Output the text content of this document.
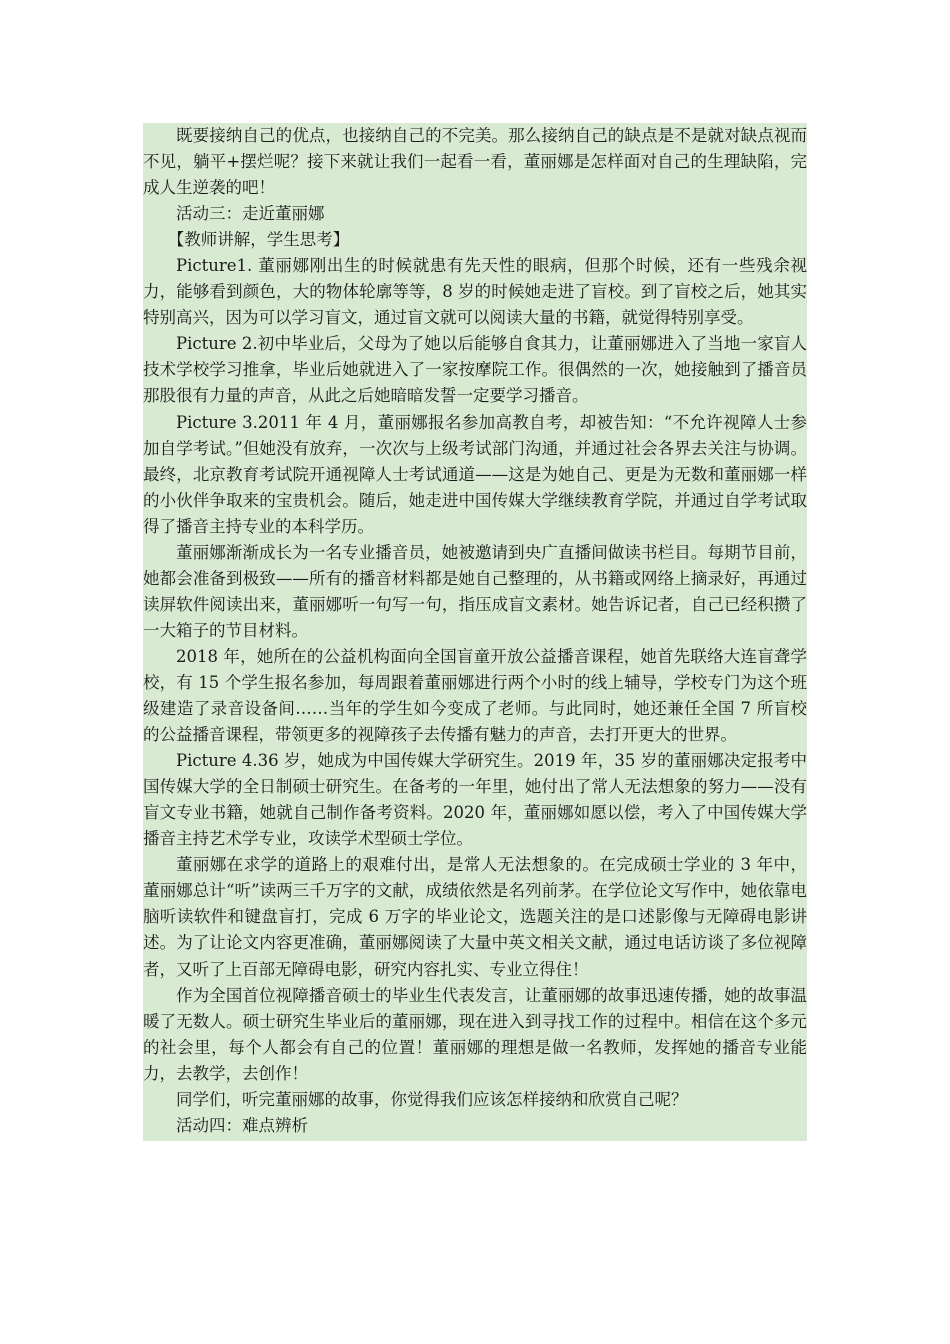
既要接纳自己的优点，也接纳自己的不完美。那么接纳自己的缺点是不是就对缺点视而不见，躺平+摆烂呢？接下来就让我们一起看一看，董丽娜是怎样面对自己的生理缺陷，完成人生逆袭的吧！

活动三：走近董丽娜

【教师讲解，学生思考】

Picture1. 董丽娜刚出生的时候就患有先天性的眼病，但那个时候，还有一些残余视力，能够看到颜色，大的物体轮廓等等，8 岁的时候她走进了盲校。到了盲校之后，她其实特别高兴，因为可以学习盲文，通过盲文就可以阅读大量的书籍，就觉得特别享受。

Picture 2.初中毕业后，父母为了她以后能够自食其力，让董丽娜进入了当地一家盲人技术学校学习推拿，毕业后她就进入了一家按摩院工作。很偶然的一次，她接触到了播音员那股很有力量的声音，从此之后她暗暗发誓一定要学习播音。

Picture 3.2011 年 4 月，董丽娜报名参加高教自考，却被告知：“不允许视障人士参加自学考试。”但她没有放弃，一次次与上级考试部门沟通，并通过社会各界去关注与协调。最终，北京教育考试院开通视障人士考试通道——这是为她自己、更是为无数和董丽娜一样的小伙伴争取来的宝贵机会。随后，她走进中国传媒大学继续教育学院，并通过自学考试取得了播音主持专业的本科学历。

董丽娜渐渐成长为一名专业播音员，她被邀请到央广直播间做读书栏目。每期节目前，她都会准备到极致——所有的播音材料都是她自己整理的，从书籍或网络上摘录好，再通过读屏软件阅读出来，董丽娜听一句写一句，指压成盲文素材。她告诉记者，自己已经积攒了一大箱子的节目材料。

2018 年，她所在的公益机构面向全国盲童开放公益播音课程，她首先联络大连盲聋学校，有 15 个学生报名参加，每周跟着董丽娜进行两个小时的线上辅导，学校专门为这个班级建造了录音设备间……当年的学生如今变成了老师。与此同时，她还兼任全国 7 所盲校的公益播音课程，带领更多的视障孩子去传播有魅力的声音，去打开更大的世界。

Picture 4.36 岁，她成为中国传媒大学研究生。2019 年，35 岁的董丽娜决定报考中国传媒大学的全日制硕士研究生。在备考的一年里，她付出了常人无法想象的努力——没有盲文专业书籍，她就自己制作备考资料。2020 年，董丽娜如愿以偿，考入了中国传媒大学播音主持艺术学专业，攻读学术型硕士学位。

董丽娜在求学的道路上的艰难付出，是常人无法想象的。在完成硕士学业的 3 年中，董丽娜总计“听”读两三千万字的文献，成绩依然是名列前茅。在学位论文写作中，她依靠电脑听读软件和键盘盲打，完成 6 万字的毕业论文，选题关注的是口述影像与无障碍电影讲述。为了让论文内容更准确，董丽娜阅读了大量中英文相关文献，通过电话访谈了多位视障者，又听了上百部无障碍电影，研究内容扎实、专业立得住！

作为全国首位视障播音硕士的毕业生代表发言，让董丽娜的故事迅速传播，她的故事温暖了无数人。硕士研究生毕业后的董丽娜，现在进入到寻找工作的过程中。相信在这个多元的社会里，每个人都会有自己的位置！董丽娜的理想是做一名教师，发挥她的播音专业能力，去教学，去创作！

同学们，听完董丽娜的故事，你觉得我们应该怎样接纳和欣赏自己呢？

活动四：难点辨析
